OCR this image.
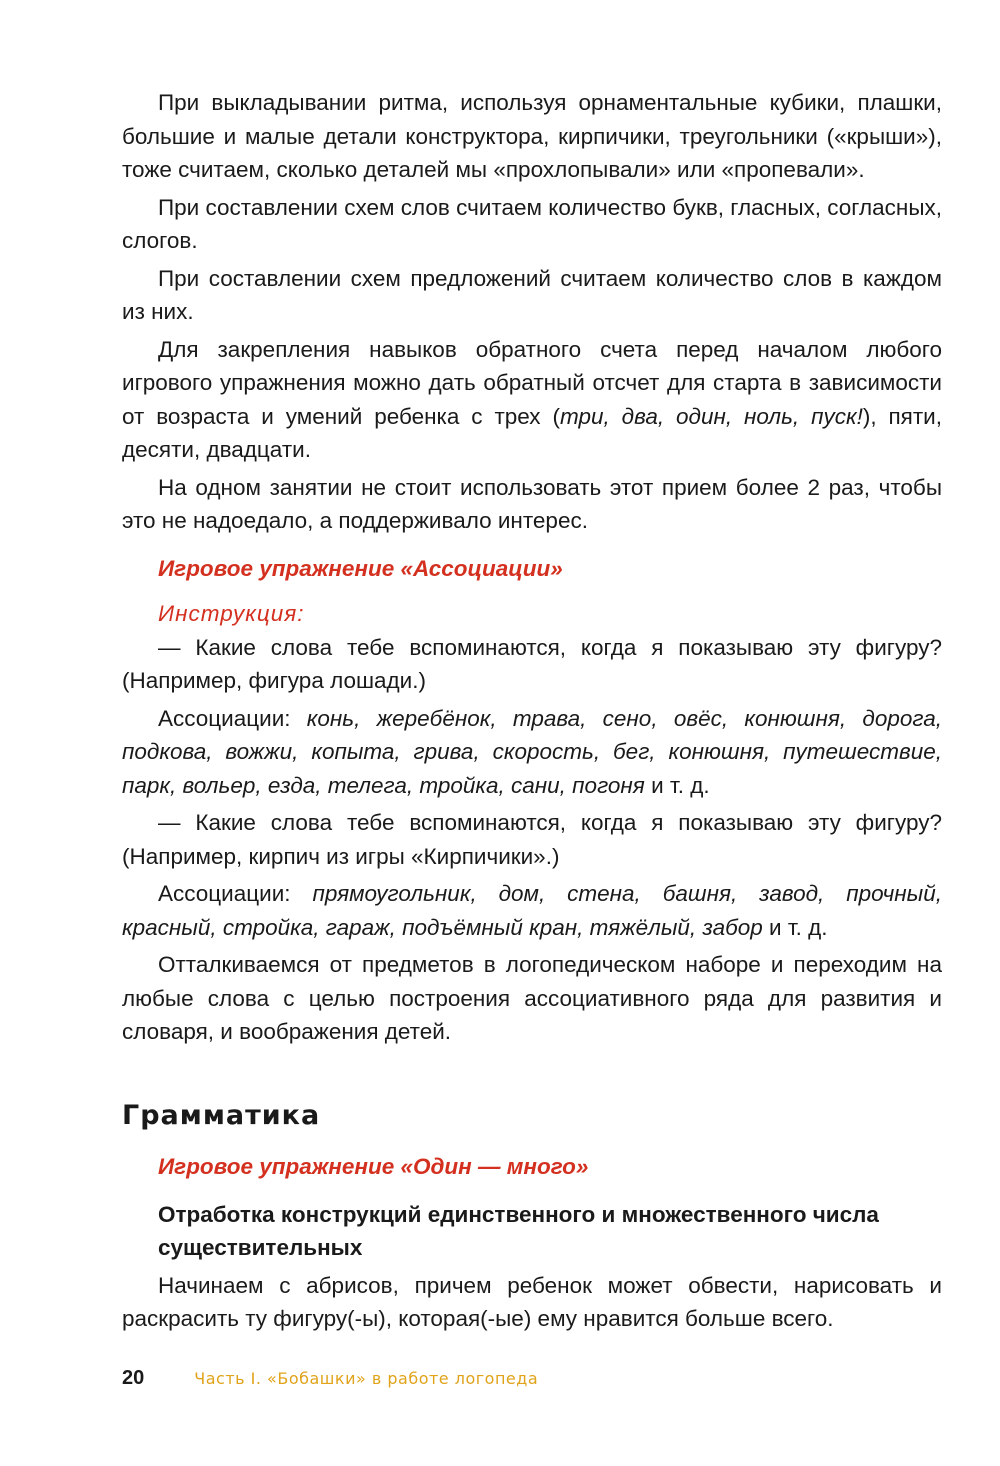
При выкладывании ритма, используя орнаментальные кубики, плашки, большие и малые детали конструктора, кирпичики, треугольники («крыши»), тоже считаем, сколько деталей мы «прохлопывали» или «пропевали».

При составлении схем слов считаем количество букв, гласных, согласных, слогов.

При составлении схем предложений считаем количество слов в каждом из них.

Для закрепления навыков обратного счета перед началом любого игрового упражнения можно дать обратный отсчет для старта в зависимости от возраста и умений ребенка с трех (три, два, один, ноль, пуск!), пяти, десяти, двадцати.

На одном занятии не стоит использовать этот прием более 2 раз, чтобы это не надоедало, а поддерживало интерес.

Игровое упражнение «Ассоциации»
Инструкция:

— Какие слова тебе вспоминаются, когда я показываю эту фигуру? (Например, фигура лошади.)

Ассоциации: конь, жеребёнок, трава, сено, овёс, конюшня, дорога, подкова, вожжи, копыта, грива, скорость, бег, конюшня, путешествие, парк, вольер, езда, телега, тройка, сани, погоня и т. д.

— Какие слова тебе вспоминаются, когда я показываю эту фигуру? (Например, кирпич из игры «Кирпичики».)

Ассоциации: прямоугольник, дом, стена, башня, завод, прочный, красный, стройка, гараж, подъёмный кран, тяжёлый, забор и т. д.

Отталкиваемся от предметов в логопедическом наборе и переходим на любые слова с целью построения ассоциативного ряда для развития и словаря, и воображения детей.

Грамматика
Игровое упражнение «Один — много»
Отработка конструкций единственного и множественного числа существительных

Начинаем с абрисов, причем ребенок может обвести, нарисовать и раскрасить ту фигуру(-ы), которая(-ые) ему нравится больше всего.

20	Часть I. «Бобашки» в работе логопеда
